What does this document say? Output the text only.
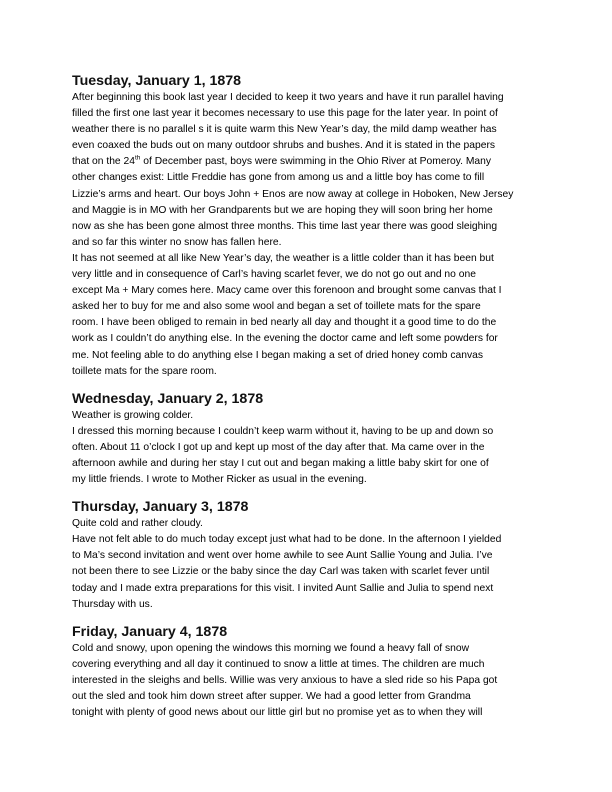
Tuesday, January 1, 1878
After beginning this book last year I decided to keep it two years and have it run parallel having
filled the first one last year it becomes necessary to use this page for the later year. In point of
weather there is no parallel s it is quite warm this New Year’s day, the mild damp weather has
even coaxed the buds out on many outdoor shrubs and bushes. And it is stated in the papers
that on the 24th of December past, boys were swimming in the Ohio River at Pomeroy. Many
other changes exist: Little Freddie has gone from among us and a little boy has come to fill
Lizzie’s arms and heart. Our boys John + Enos are now away at college in Hoboken, New Jersey
and Maggie is in MO with her Grandparents but we are hoping they will soon bring her home
now as she has been gone almost three months. This time last year there was good sleighing
and so far this winter no snow has fallen here.
It has not seemed at all like New Year’s day, the weather is a little colder than it has been but
very little and in consequence of Carl’s having scarlet fever, we do not go out and no one
except Ma + Mary comes here. Macy came over this forenoon and brought some canvas that I
asked her to buy for me and also some wool and began a set of toillete mats for the spare
room. I have been obliged to remain in bed nearly all day and thought it a good time to do the
work as I couldn’t do anything else. In the evening the doctor came and left some powders for
me. Not feeling able to do anything else I began making a set of dried honey comb canvas
toillete mats for the spare room.
Wednesday, January 2, 1878
Weather is growing colder.
I dressed this morning because I couldn’t keep warm without it, having to be up and down so
often. About 11 o’clock I got up and kept up most of the day after that. Ma came over in the
afternoon awhile and during her stay I cut out and began making a little baby skirt for one of
my little friends. I wrote to Mother Ricker as usual in the evening.
Thursday, January 3, 1878
Quite cold and rather cloudy.
Have not felt able to do much today except just what had to be done. In the afternoon I yielded
to Ma’s second invitation and went over home awhile to see Aunt Sallie Young and Julia. I’ve
not been there to see Lizzie or the baby since the day Carl was taken with scarlet fever until
today and I made extra preparations for this visit. I invited Aunt Sallie and Julia to spend next
Thursday with us.
Friday, January 4, 1878
Cold and snowy, upon opening the windows this morning we found a heavy fall of snow
covering everything and all day it continued to snow a little at times. The children are much
interested in the sleighs and bells. Willie was very anxious to have a sled ride so his Papa got
out the sled and took him down street after supper. We had a good letter from Grandma
tonight with plenty of good news about our little girl but no promise yet as to when they will
